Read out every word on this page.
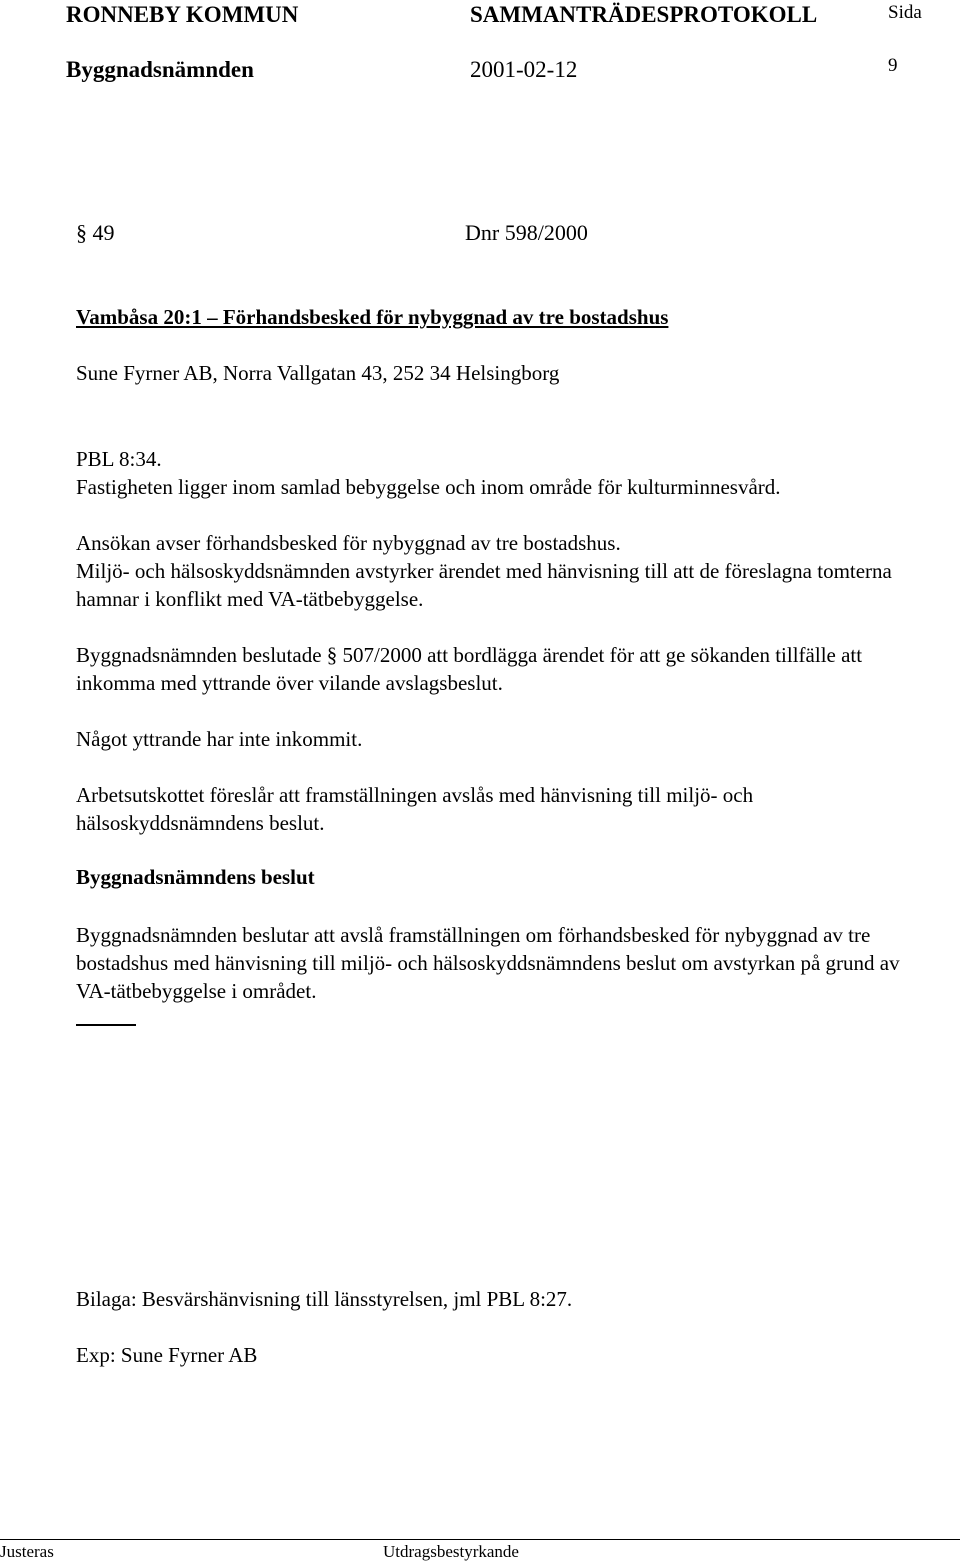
RONNEBY KOMMUN	SAMMANTRÄDESPROTOKOLL	Sida
Byggnadsnämnden	2001-02-12	9
§ 49	Dnr 598/2000
Vambåsa 20:1 – Förhandsbesked för nybyggnad av tre bostadshus
Sune Fyrner AB, Norra Vallgatan 43, 252 34 Helsingborg
PBL 8:34.
Fastigheten ligger inom samlad bebyggelse och inom område för kulturminnesvård.
Ansökan avser förhandsbesked för nybyggnad av tre bostadshus.
Miljö- och hälsoskyddsnämnden avstyrker ärendet med hänvisning till att de föreslagna tomterna hamnar i konflikt med VA-tätbebyggelse.
Byggnadsnämnden beslutade § 507/2000 att bordlägga ärendet för att ge sökanden tillfälle att inkomma med yttrande över vilande avslagsbeslut.
Något yttrande har inte inkommit.
Arbetsutskottet föreslår att framställningen avslås med hänvisning till miljö- och hälsoskyddsnämndens beslut.
Byggnadsnämndens beslut
Byggnadsnämnden beslutar att avslå framställningen om förhandsbesked för nybyggnad av tre bostadshus med hänvisning till miljö- och hälsoskyddsnämndens beslut om avstyrkan på grund av VA-tätbebyggelse i området.
Bilaga: Besvärshänvisning till länsstyrelsen, jml PBL 8:27.
Exp: Sune Fyrner AB
Justeras	Utdragsbestyrkande
